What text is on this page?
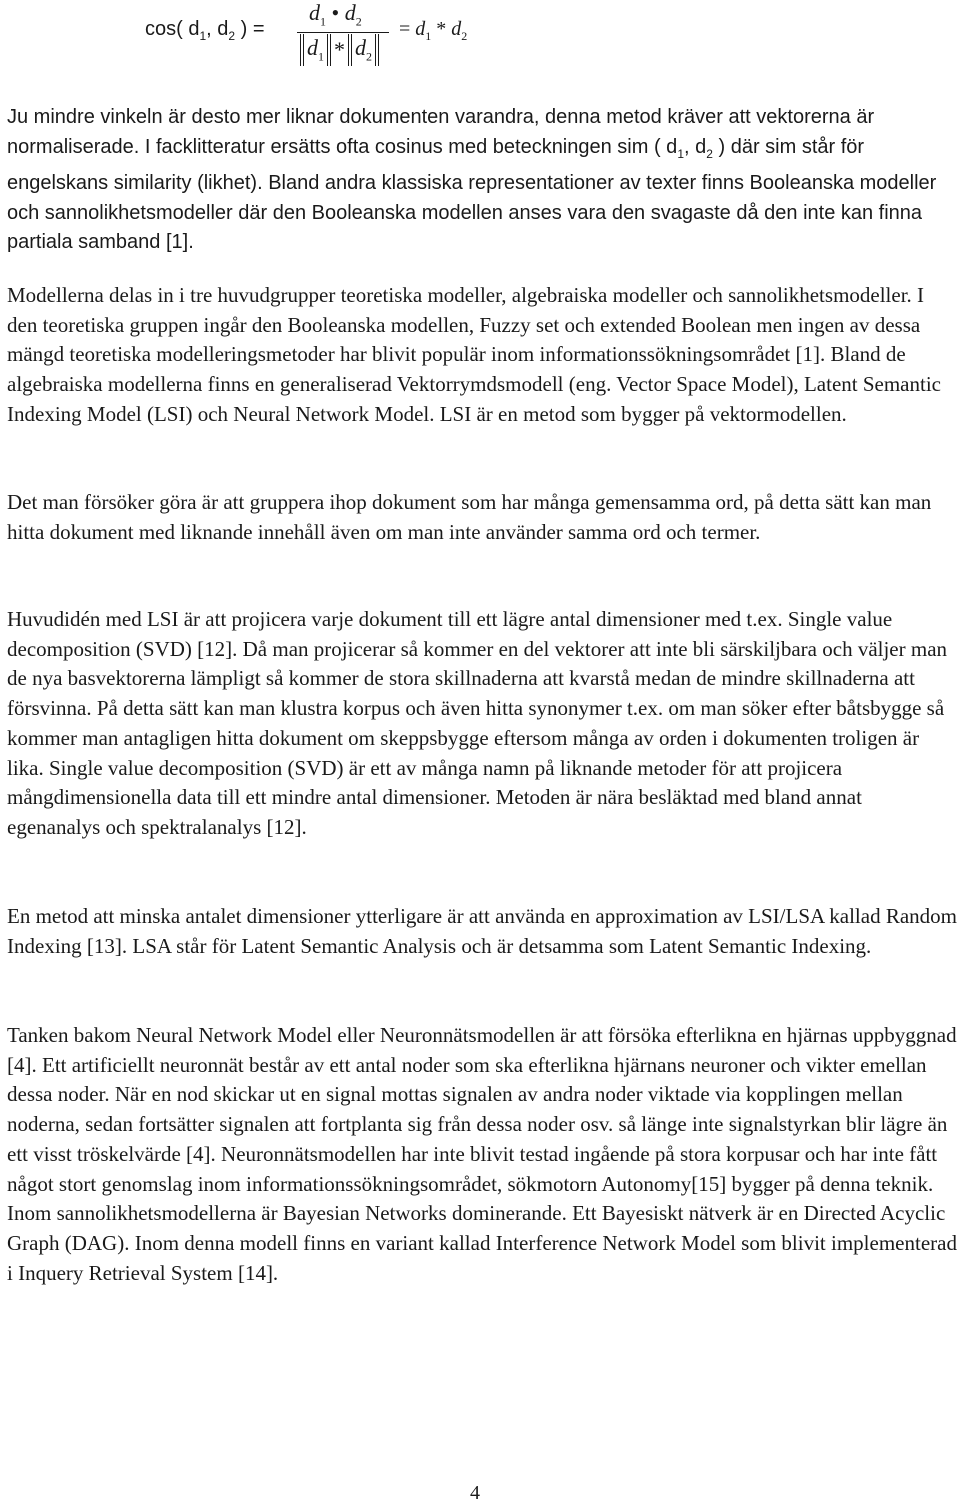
cos( $d_1$, $d_2$ ) =
$d_1$ • $d_2$
$d_1 * d_2$
= $d_1 * d_2$

Ju mindre vinkeln är desto mer liknar dokumenten varandra, denna metod kräver att vektorerna är normaliserade. I facklitteratur ersätts ofta cosinus med beteckningen sim ( $d_1$, $d_2$ ) där sim står för engelskans similarity (likhet). Bland andra klassiska representationer av texter finns Booleanska modeller och sannolikhetsmodeller där den Booleanska modellen anses vara den svagaste då den inte kan finna partiala samband [1].

Modellerna delas in i tre huvudgrupper teoretiska modeller, algebraiska modeller och sannolikhetsmodeller. I den teoretiska gruppen ingår den Booleanska modellen, Fuzzy set och extended Boolean men ingen av dessa mängd teoretiska modelleringsmetoder har blivit populär inom informationssökningsområdet [1]. Bland de algebraiska modellerna finns en generaliserad Vektorrymdsmodell (eng. Vector Space Model), Latent Semantic Indexing Model (LSI) och Neural Network Model. LSI är en metod som bygger på vektormodellen.

Det man försöker göra är att gruppera ihop dokument som har många gemensamma ord, på detta sätt kan man hitta dokument med liknande innehåll även om man inte använder samma ord och termer.

Huvudidén med LSI är att projicera varje dokument till ett lägre antal dimensioner med t.ex. Single value decomposition (SVD) [12]. Då man projicerar så kommer en del vektorer att inte bli särskiljbara och väljer man de nya basvektorerna lämpligt så kommer de stora skillnaderna att kvarstå medan de mindre skillnaderna att försvinna. På detta sätt kan man klustra korpus och även hitta synonymer t.ex. om man söker efter båtsbygge så kommer man antagligen hitta dokument om skeppsbygge eftersom många av orden i dokumenten troligen är lika. Single value decomposition (SVD) är ett av många namn på liknande metoder för att projicera mångdimensionella data till ett mindre antal dimensioner. Metoden är nära besläktad med bland annat egenanalys och spektralanalys [12].

En metod att minska antalet dimensioner ytterligare är att använda en approximation av LSI/LSA kallad Random Indexing [13]. LSA står för Latent Semantic Analysis och är detsamma som Latent Semantic Indexing.

Tanken bakom Neural Network Model eller Neuronnätsmodellen är att försöka efterlikna en hjärnas uppbyggnad [4]. Ett artificiellt neuronnät består av ett antal noder som ska efterlikna hjärnans neuroner och vikter emellan dessa noder. När en nod skickar ut en signal mottas signalen av andra noder viktade via kopplingen mellan noderna, sedan fortsätter signalen att fortplanta sig från dessa noder osv. så länge inte signalstyrkan blir lägre än ett visst tröskelvärde [4]. Neuronnätsmodellen har inte blivit testad ingående på stora korpusar och har inte fått något stort genomslag inom informationssökningsområdet, sökmotorn Autonomy[15] bygger på denna teknik. Inom sannolikhetsmodellerna är Bayesian Networks dominerande. Ett Bayesiskt nätverk är en Directed Acyclic Graph (DAG). Inom denna modell finns en variant kallad Interference Network Model som blivit implementerad i Inquery Retrieval System [14].

4
